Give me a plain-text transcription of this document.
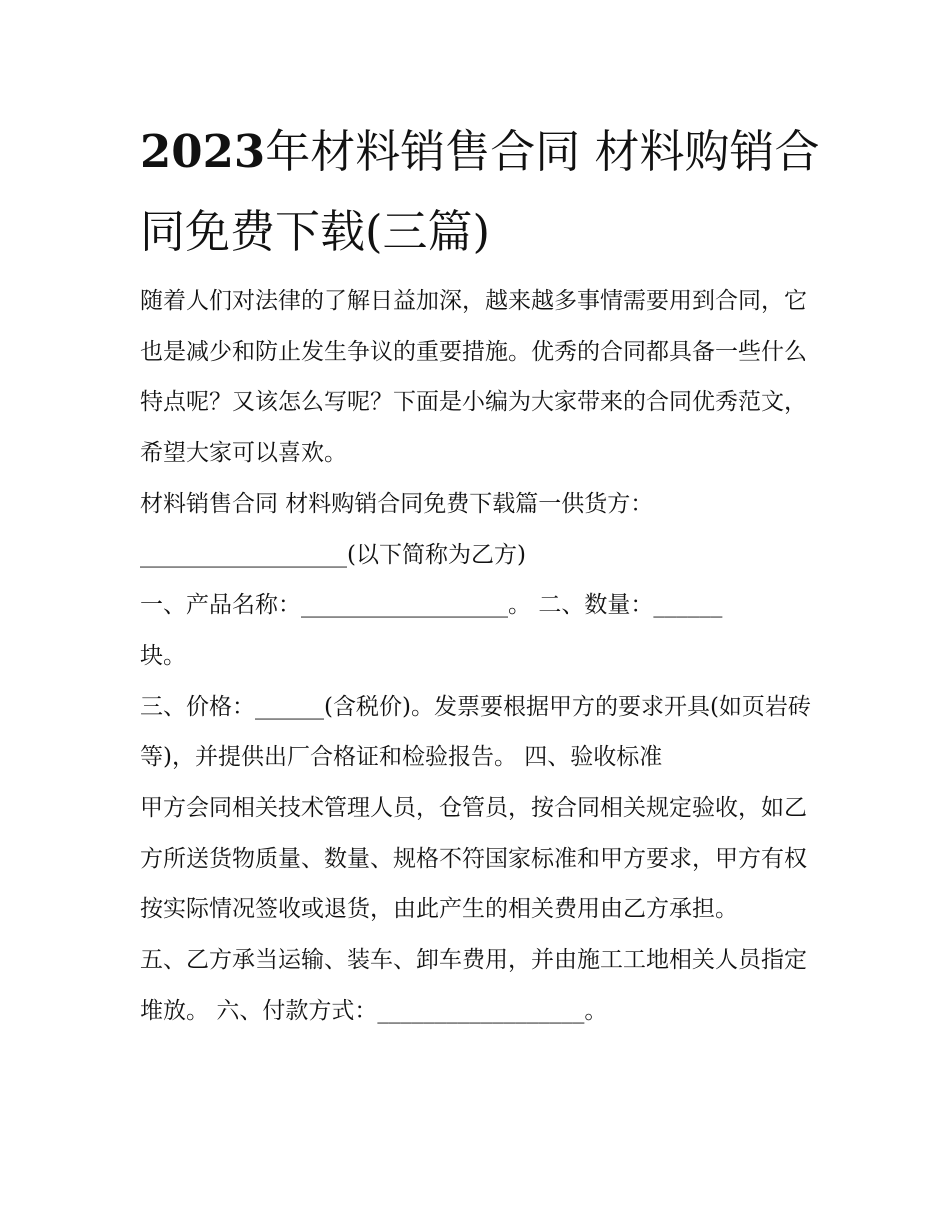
2023年材料销售合同 材料购销合同免费下载(三篇)

随着人们对法律的了解日益加深，越来越多事情需要用到合同，它也是减少和防止发生争议的重要措施。优秀的合同都具备一些什么特点呢？又该怎么写呢？下面是小编为大家带来的合同优秀范文，希望大家可以喜欢。

材料销售合同 材料购销合同免费下载篇一供货方：

__________________(以下简称为乙方)

一、产品名称：__________________。 二、数量：______
块。

三、价格：______(含税价)。发票要根据甲方的要求开具(如页岩砖等)，并提供出厂合格证和检验报告。 四、验收标准
甲方会同相关技术管理人员，仓管员，按合同相关规定验收，如乙方所送货物质量、数量、规格不符国家标准和甲方要求，甲方有权按实际情况签收或退货，由此产生的相关费用由乙方承担。

五、乙方承当运输、装车、卸车费用，并由施工工地相关人员指定堆放。 六、付款方式：__________________。
